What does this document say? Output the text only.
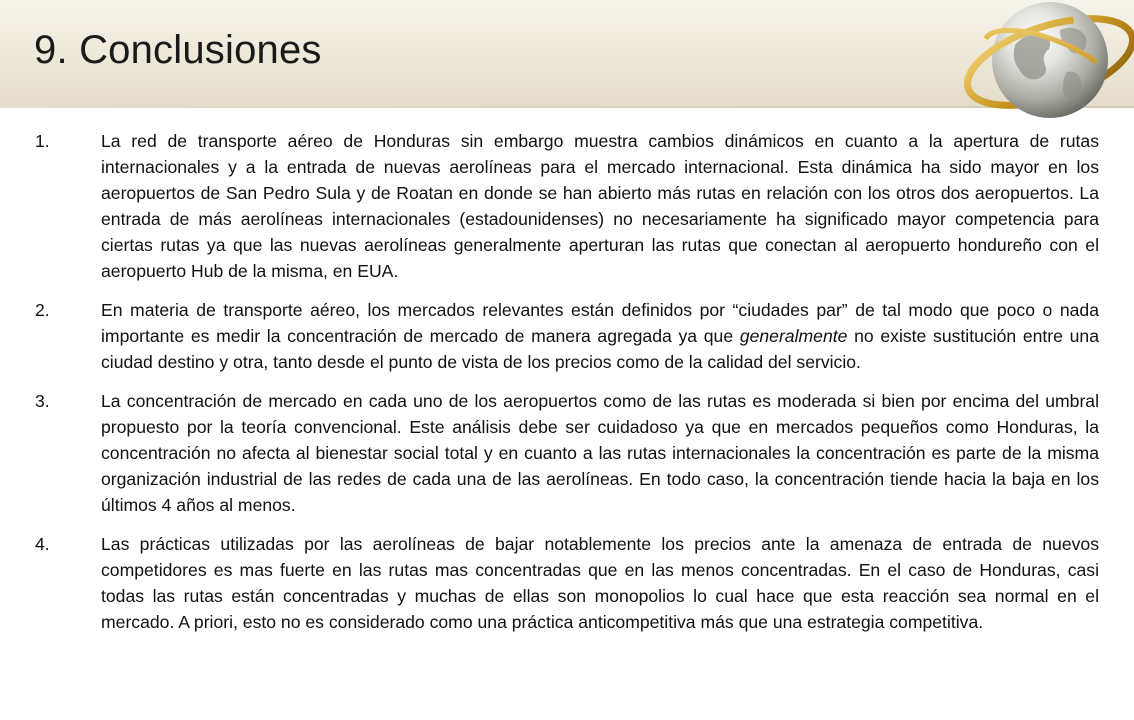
9. Conclusiones
1.	La red de transporte aéreo de Honduras sin embargo muestra cambios dinámicos en cuanto a la apertura de rutas internacionales y a la entrada de nuevas aerolíneas para el mercado internacional. Esta dinámica ha sido mayor en los aeropuertos de San Pedro Sula y de Roatan en donde se han abierto más rutas en relación con los otros dos aeropuertos. La entrada de más aerolíneas internacionales (estadounidenses) no necesariamente ha significado mayor competencia para ciertas rutas ya que las nuevas aerolíneas generalmente aperturan las rutas que conectan al aeropuerto hondureño con el aeropuerto Hub de la misma, en EUA.
2.	En materia de transporte aéreo, los mercados relevantes están definidos por “ciudades par” de tal modo que poco o nada importante es medir la concentración de mercado de manera agregada ya que generalmente no existe sustitución entre una ciudad destino y otra, tanto desde el punto de vista de los precios como de la calidad del servicio.
3.	La concentración de mercado en cada uno de los aeropuertos como de las rutas es moderada si bien por encima del umbral propuesto por la teoría convencional. Este análisis debe ser cuidadoso ya que en mercados pequeños como Honduras, la concentración no afecta al bienestar social total y en cuanto a las rutas internacionales la concentración es parte de la misma organización industrial de las redes de cada una de las aerolíneas. En todo caso, la concentración tiende hacia la baja en los últimos 4 años al menos.
4.	Las prácticas utilizadas por las aerolíneas de bajar notablemente los precios ante la amenaza de entrada de nuevos competidores es mas fuerte en las rutas mas concentradas que en las menos concentradas. En el caso de Honduras, casi todas las rutas están concentradas y muchas de ellas son monopolios lo cual hace que esta reacción sea normal en el mercado. A priori, esto no es considerado como una práctica anticompetitiva más que una estrategia competitiva.
